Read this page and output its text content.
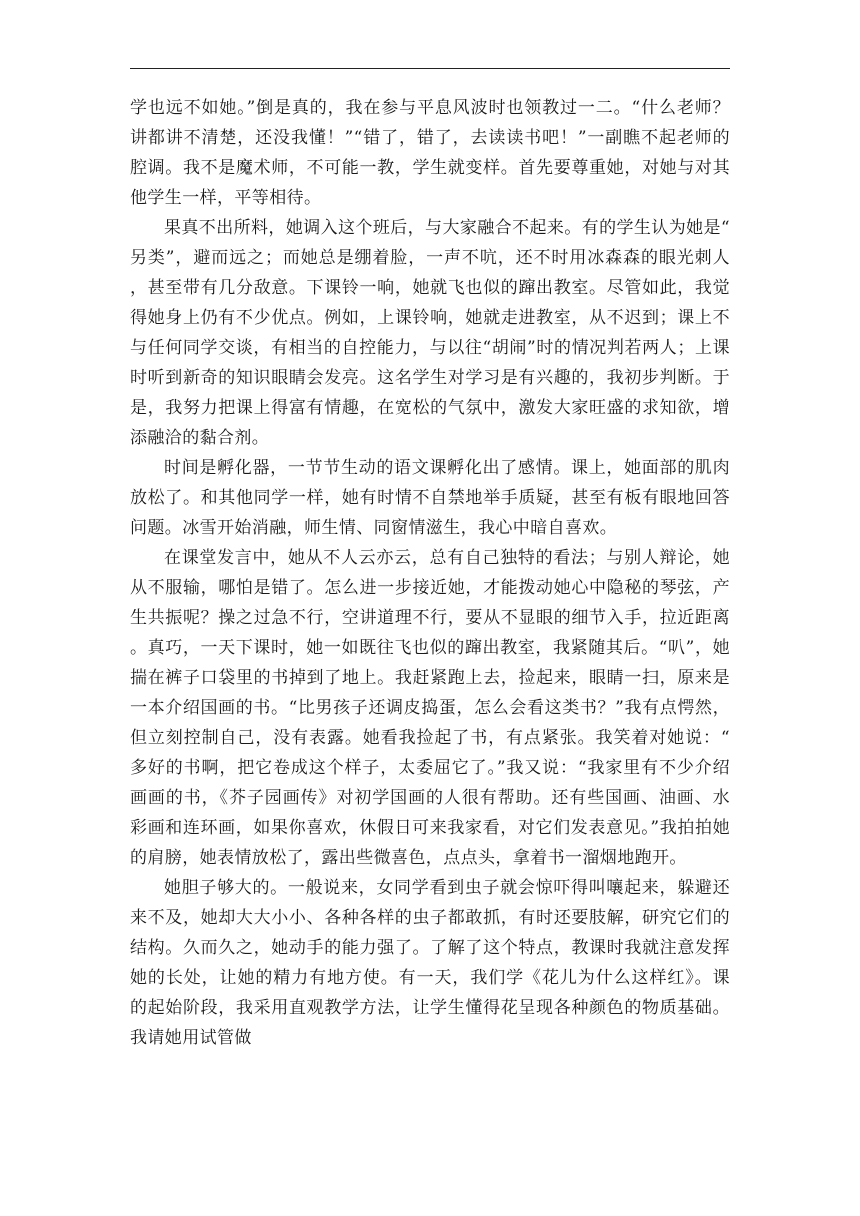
学也远不如她。”倒是真的，我在参与平息风波时也领教过一二。“什么老师？讲都讲不清楚，还没我懂！”“错了，错了，去读读书吧！”一副瞧不起老师的腔调。我不是魔术师，不可能一教，学生就变样。首先要尊重她，对她与对其他学生一样，平等相待。

果真不出所料，她调入这个班后，与大家融合不起来。有的学生认为她是“另类”，避而远之；而她总是绷着脸，一声不吭，还不时用冰森森的眼光刺人，甚至带有几分敌意。下课铃一响，她就飞也似的蹿出教室。尽管如此，我觉得她身上仍有不少优点。例如，上课铃响，她就走进教室，从不迟到；课上不与任何同学交谈，有相当的自控能力，与以往“胡闹”时的情况判若两人；上课时听到新奇的知识眼睛会发亮。这名学生对学习是有兴趣的，我初步判断。于是，我努力把课上得富有情趣，在宽松的气氛中，激发大家旺盛的求知欲，增添融洽的黏合剂。

时间是孵化器，一节节生动的语文课孵化出了感情。课上，她面部的肌肉放松了。和其他同学一样，她有时情不自禁地举手质疑，甚至有板有眼地回答问题。冰雪开始消融，师生情、同窗情滋生，我心中暗自喜欢。

在课堂发言中，她从不人云亦云，总有自己独特的看法；与别人辩论，她从不服输，哪怕是错了。怎么进一步接近她，才能拨动她心中隐秘的琴弦，产生共振呢？操之过急不行，空讲道理不行，要从不显眼的细节入手，拉近距离。真巧，一天下课时，她一如既往飞也似的蹿出教室，我紧随其后。“叭”，她揣在裤子口袋里的书掉到了地上。我赶紧跑上去，捡起来，眼睛一扫，原来是一本介绍国画的书。“比男孩子还调皮捣蛋，怎么会看这类书？”我有点愕然，但立刻控制自己，没有表露。她看我捡起了书，有点紧张。我笑着对她说：“多好的书啊，把它卷成这个样子，太委屈它了。”我又说：“我家里有不少介绍画画的书，《芥子园画传》对初学国画的人很有帮助。还有些国画、油画、水彩画和连环画，如果你喜欢，休假日可来我家看，对它们发表意见。”我拍拍她的肩膀，她表情放松了，露出些微喜色，点点头，拿着书一溜烟地跑开。

她胆子够大的。一般说来，女同学看到虫子就会惊吓得叫嚷起来，躲避还来不及，她却大大小小、各种各样的虫子都敢抓，有时还要肢解，研究它们的结构。久而久之，她动手的能力强了。了解了这个特点，教课时我就注意发挥她的长处，让她的精力有地方使。有一天，我们学《花儿为什么这样红》。课的起始阶段，我采用直观教学方法，让学生懂得花呈现各种颜色的物质基础。我请她用试管做
